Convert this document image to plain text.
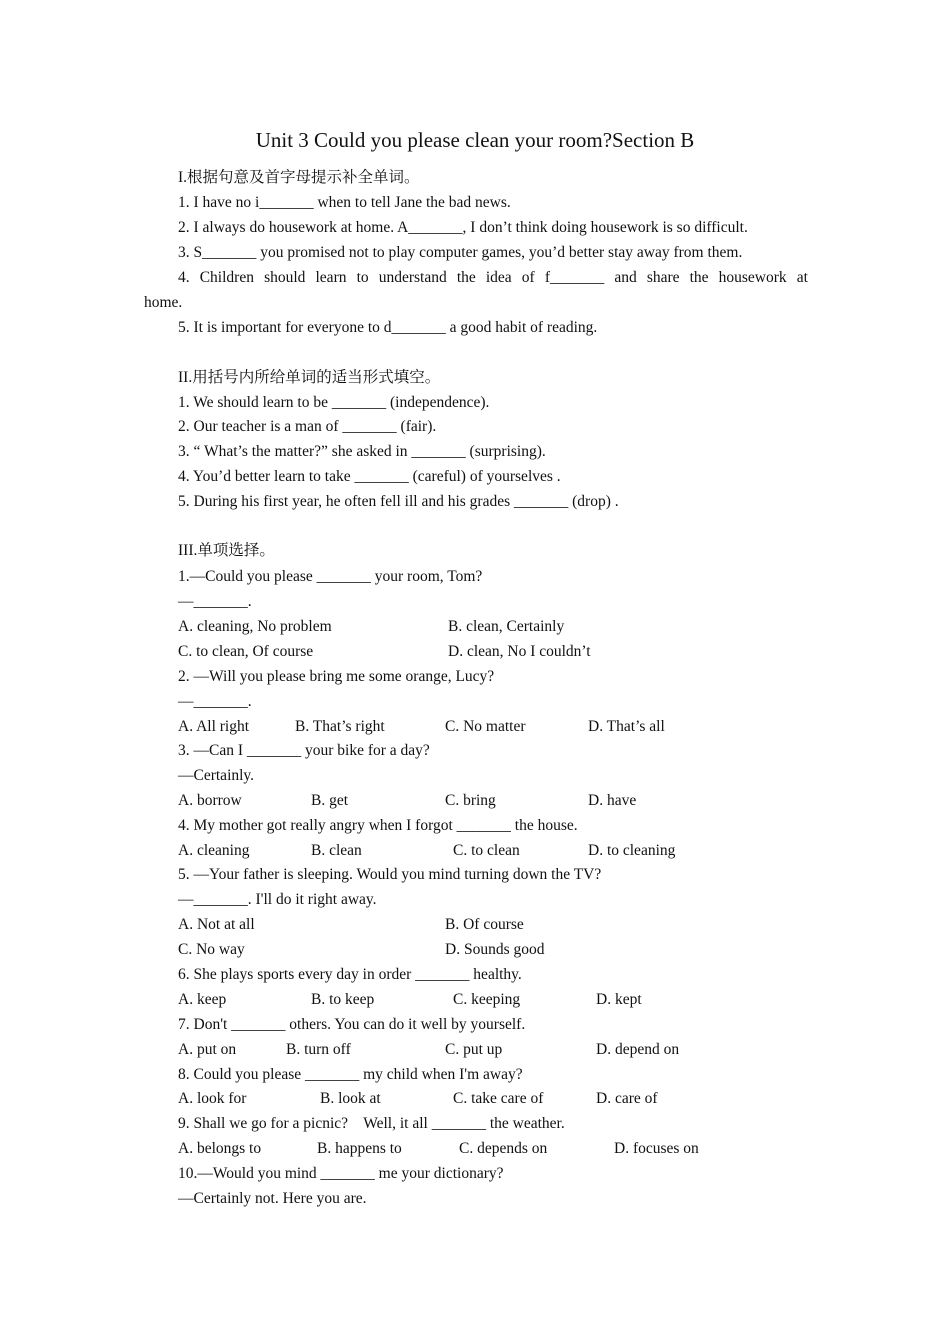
Unit 3 Could you please clean your room?Section B
I.根据句意及首字母提示补全单词。
1. I have no i_______ when to tell Jane the bad news.
2. I always do housework at home. A_______, I don’t think doing housework is so difficult.
3. S_______ you promised not to play computer games, you’d better stay away from them.
4. Children should learn to understand the idea of f_______ and share the housework at
home.
5. It is important for everyone to d_______ a good habit of reading.
II.用括号内所给单词的适当形式填空。
1. We should learn to be _______ (independence).
2. Our teacher is a man of _______ (fair).
3. “ What’s the matter?” she asked in _______ (surprising).
4. You’d better learn to take _______ (careful) of yourselves .
5. During his first year, he often fell ill and his grades _______ (drop) .
III.单项选择。
1.—Could you please _______ your room, Tom?
—_______.
A. cleaning, No problem	B. clean, Certainly
C. to clean, Of course	D. clean, No I couldn’t
2. —Will you please bring me some orange, Lucy?
—_______.
A. All right	B. That’s right	C. No matter	D. That’s all
3. —Can I _______ your bike for a day?
—Certainly.
A. borrow	B. get	C. bring	D. have
4. My mother got really angry when I forgot _______ the house.
A. cleaning	B. clean	C. to clean	D. to cleaning
5. —Your father is sleeping. Would you mind turning down the TV?
—_______. I'll do it right away.
A. Not at all	B. Of course
C. No way	D. Sounds good
6. She plays sports every day in order _______ healthy.
A. keep	B. to keep	C. keeping	D. kept
7. Don't _______ others. You can do it well by yourself.
A. put on	B. turn off	C. put up	D. depend on
8. Could you please _______ my child when I'm away?
A. look for	B. look at	C. take care of	D. care of
9. Shall we go for a picnic?    Well, it all _______ the weather.
A. belongs to	B. happens to	C. depends on	D. focuses on
10.—Would you mind _______ me your dictionary?
—Certainly not. Here you are.
